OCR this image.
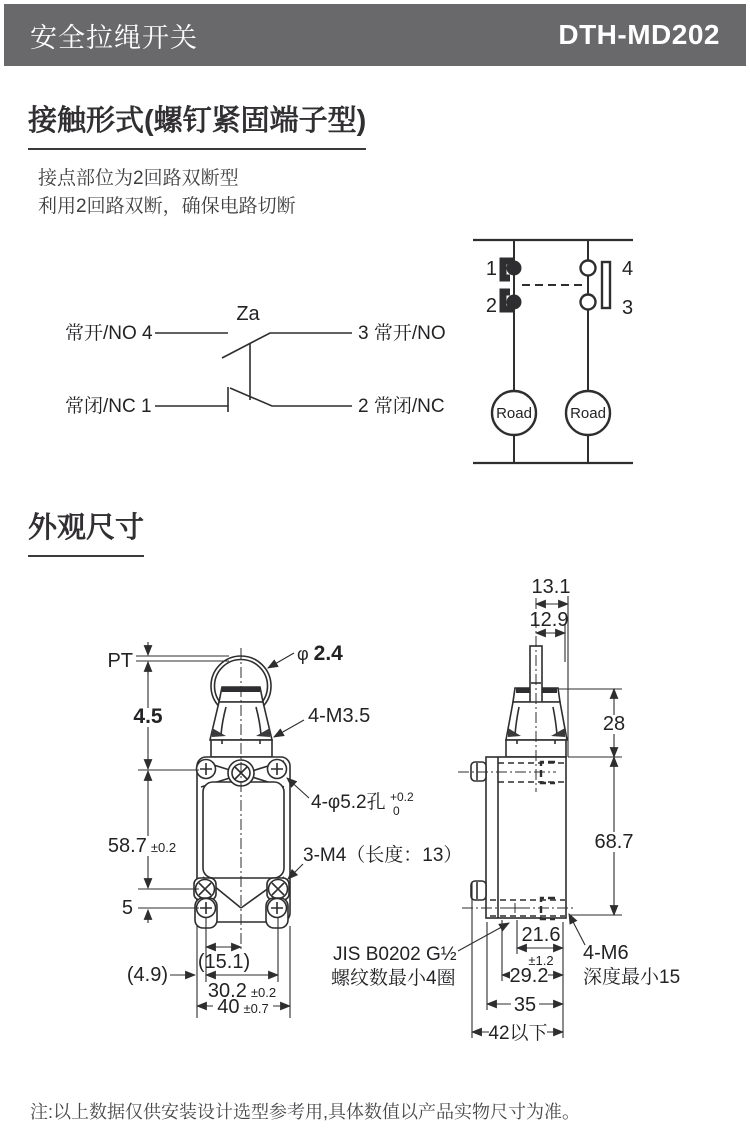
安全拉绳开关	DTH-MD202
接触形式(螺钉紧固端子型)
接点部位为2回路双断型
利用2回路双断，确保电路切断
Za
常开/NO 4
常闭/NC 1
3 常开/NO
2 常闭/NC
1
2
4
3
Road	Road
外观尺寸
PT
4.5
58.7 ±0.2
5
φ 2.4
4-M3.5
4-φ5.2孔 +0.2
0
3-M4（长度：13）
(15.1)
(4.9)
30.2 ±0.2
40 ±0.7
13.1
12.9
28
68.7
21.6
±1.2
29.2
35
42以下
4-M6
深度最小15
JIS B0202 G½
螺纹数最小4圈
注:以上数据仅供安装设计选型参考用,具体数值以产品实物尺寸为准。
